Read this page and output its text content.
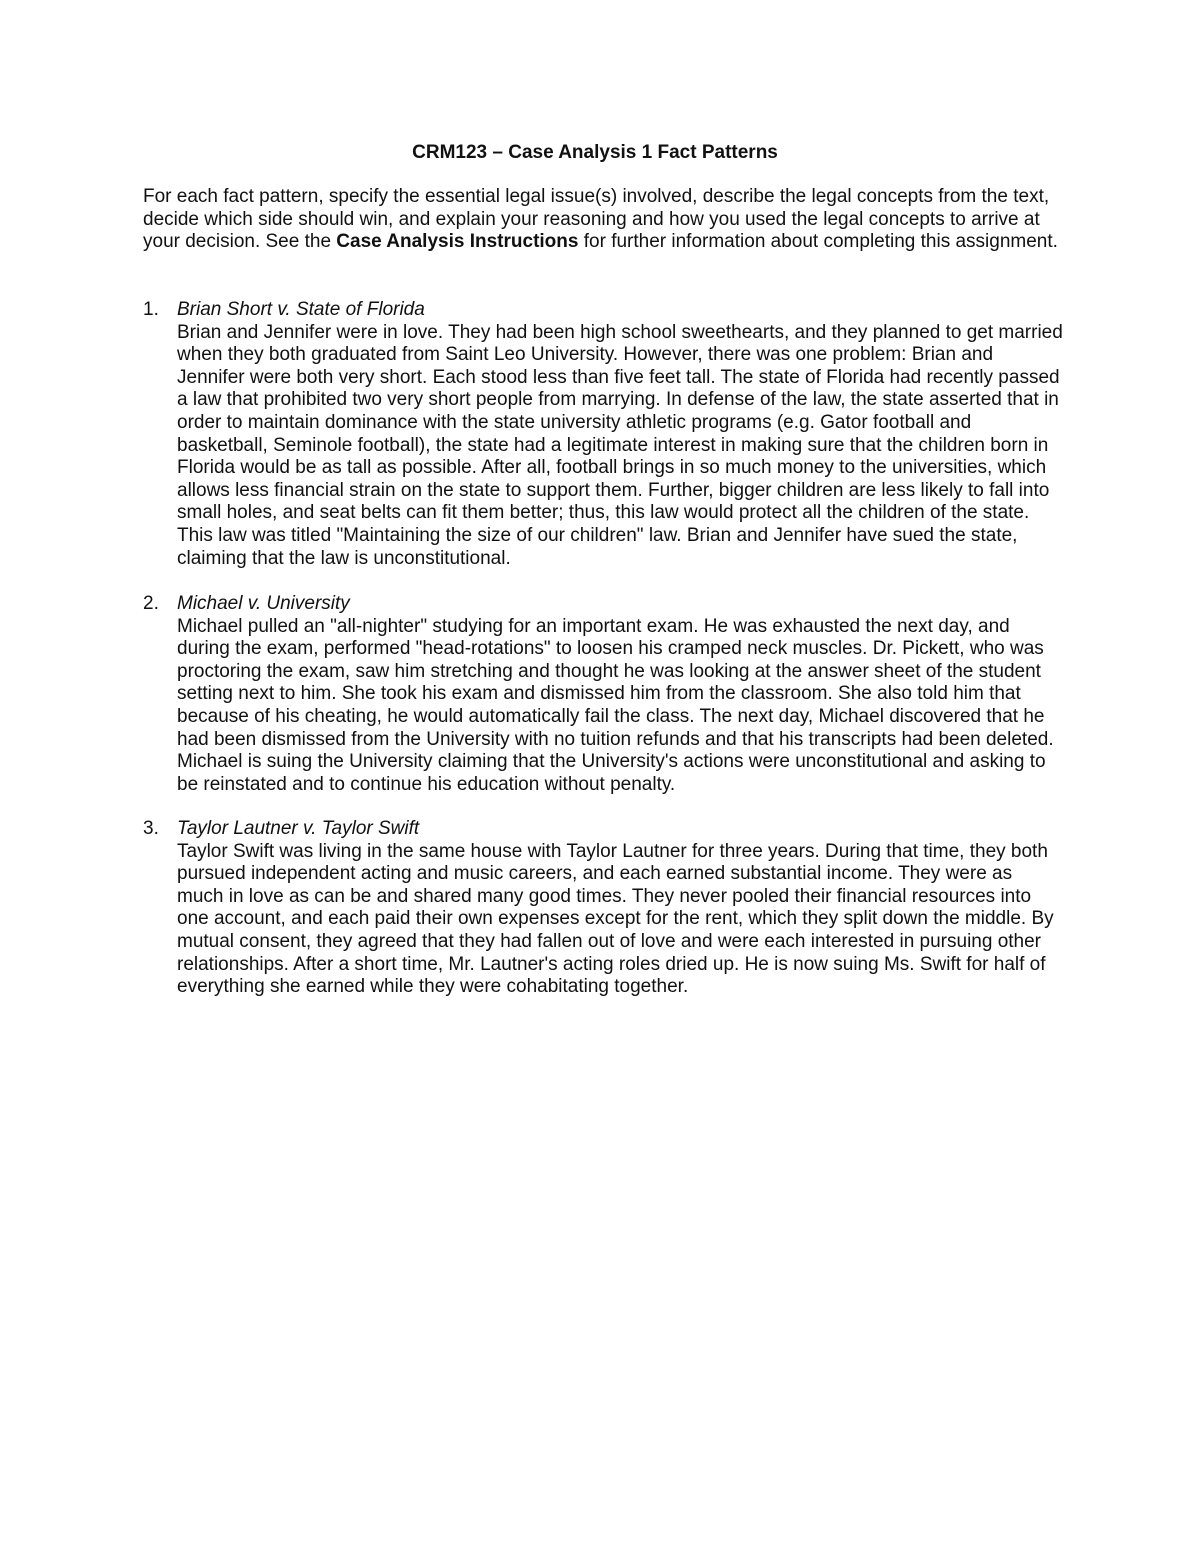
CRM123 – Case Analysis 1 Fact Patterns
For each fact pattern, specify the essential legal issue(s) involved, describe the legal concepts from the text, decide which side should win, and explain your reasoning and how you used the legal concepts to arrive at your decision. See the Case Analysis Instructions for further information about completing this assignment.
1. Brian Short v. State of Florida
Brian and Jennifer were in love. They had been high school sweethearts, and they planned to get married when they both graduated from Saint Leo University. However, there was one problem: Brian and Jennifer were both very short. Each stood less than five feet tall. The state of Florida had recently passed a law that prohibited two very short people from marrying. In defense of the law, the state asserted that in order to maintain dominance with the state university athletic programs (e.g. Gator football and basketball, Seminole football), the state had a legitimate interest in making sure that the children born in Florida would be as tall as possible. After all, football brings in so much money to the universities, which allows less financial strain on the state to support them. Further, bigger children are less likely to fall into small holes, and seat belts can fit them better; thus, this law would protect all the children of the state. This law was titled "Maintaining the size of our children" law. Brian and Jennifer have sued the state, claiming that the law is unconstitutional.
2. Michael v. University
Michael pulled an "all-nighter" studying for an important exam. He was exhausted the next day, and during the exam, performed "head-rotations" to loosen his cramped neck muscles. Dr. Pickett, who was proctoring the exam, saw him stretching and thought he was looking at the answer sheet of the student setting next to him. She took his exam and dismissed him from the classroom. She also told him that because of his cheating, he would automatically fail the class. The next day, Michael discovered that he had been dismissed from the University with no tuition refunds and that his transcripts had been deleted. Michael is suing the University claiming that the University's actions were unconstitutional and asking to be reinstated and to continue his education without penalty.
3. Taylor Lautner v. Taylor Swift
Taylor Swift was living in the same house with Taylor Lautner for three years. During that time, they both pursued independent acting and music careers, and each earned substantial income. They were as much in love as can be and shared many good times. They never pooled their financial resources into one account, and each paid their own expenses except for the rent, which they split down the middle. By mutual consent, they agreed that they had fallen out of love and were each interested in pursuing other relationships. After a short time, Mr. Lautner's acting roles dried up. He is now suing Ms. Swift for half of everything she earned while they were cohabitating together.
